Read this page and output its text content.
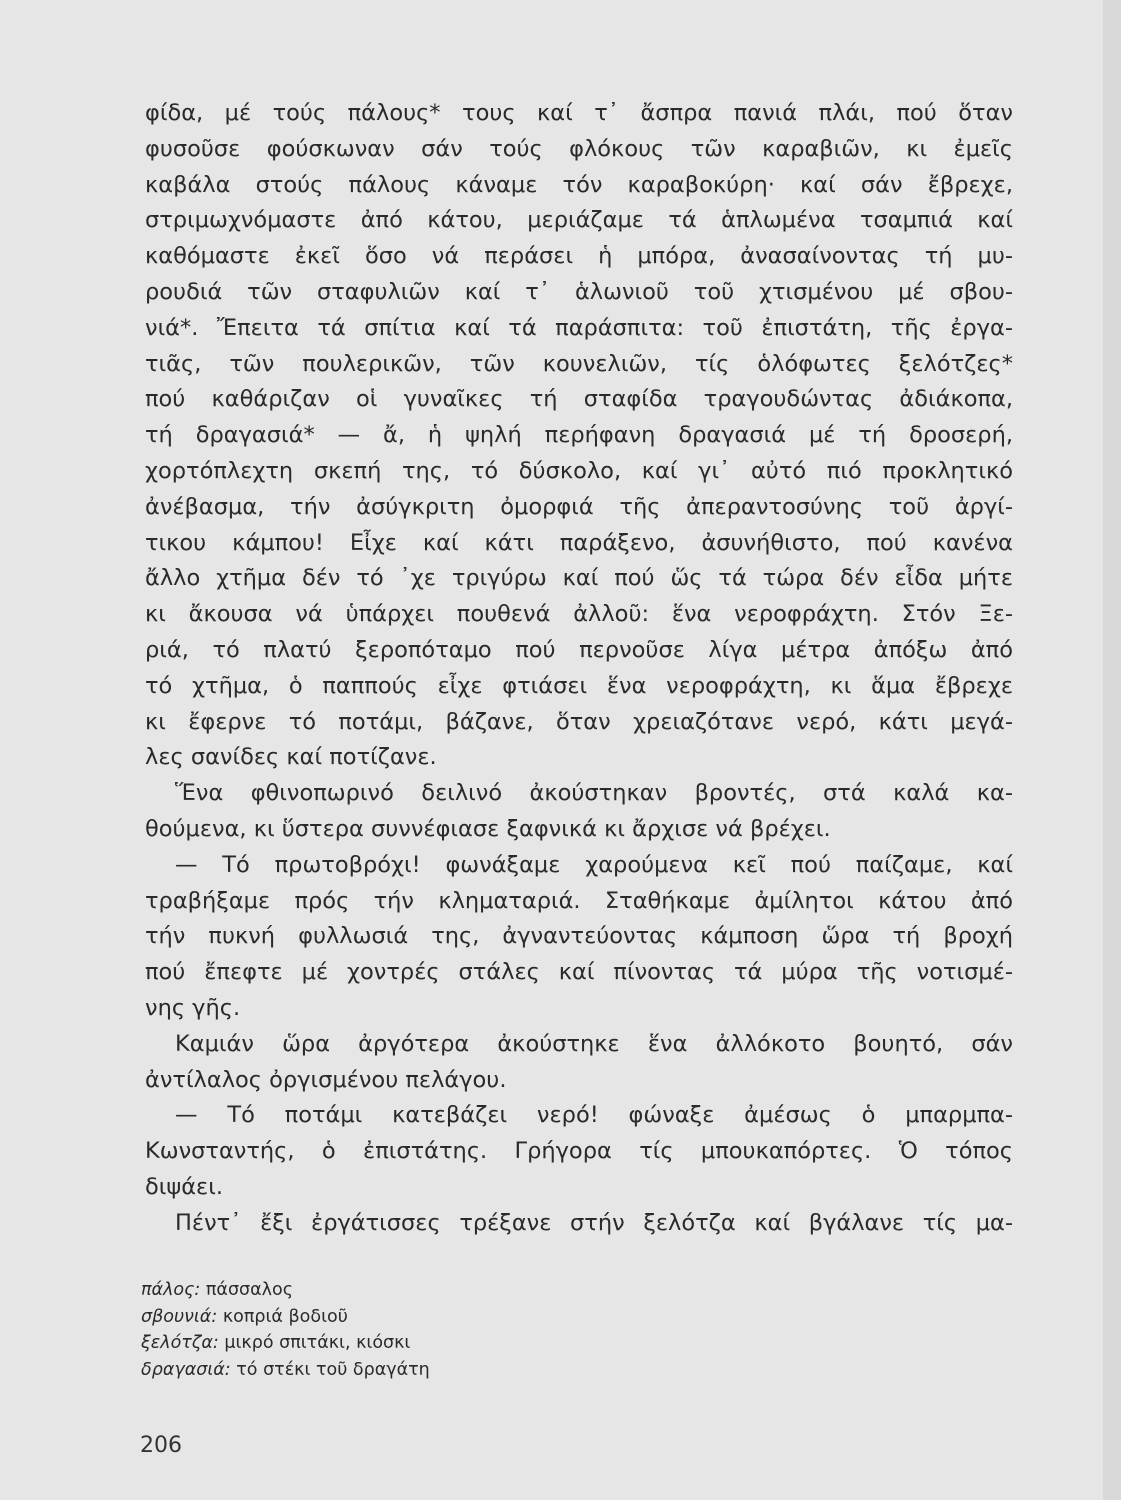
φίδα, μέ τούς πάλους* τους καί τ᾽ ἄσπρα πανιά πλάι, πού ὅταν
φυσοῦσε φούσκωναν σάν τούς φλόκους τῶν καραβιῶν, κι ἐμεῖς
καβάλα στούς πάλους κάναμε τόν καραβοκύρη· καί σάν ἔβρεχε,
στριμωχνόμαστε ἀπό κάτου, μεριάζαμε τά ἁπλωμένα τσαμπιά καί
καθόμαστε ἐκεῖ ὅσο νά περάσει ἡ μπόρα, ἀνασαίνοντας τή μυ-
ρουδιά τῶν σταφυλιῶν καί τ᾽ ἁλωνιοῦ τοῦ χτισμένου μέ σβου-
νιά*. Ἔπειτα τά σπίτια καί τά παράσπιτα: τοῦ ἐπιστάτη, τῆς ἐργα-
τιᾶς, τῶν πουλερικῶν, τῶν κουνελιῶν, τίς ὁλόφωτες ξελότζες*
πού καθάριζαν οἱ γυναῖκες τή σταφίδα τραγουδώντας ἀδιάκοπα,
τή δραγασιά* — ἄ, ἡ ψηλή περήφανη δραγασιά μέ τή δροσερή,
χορτόπλεχτη σκεπή της, τό δύσκολο, καί γι᾽ αὐτό πιό προκλητικό
ἀνέβασμα, τήν ἀσύγκριτη ὀμορφιά τῆς ἀπεραντοσύνης τοῦ ἀργί-
τικου κάμπου! Εἶχε καί κάτι παράξενο, ἀσυνήθιστο, πού κανένα
ἄλλο χτῆμα δέν τό ᾽χε τριγύρω καί πού ὥς τά τώρα δέν εἶδα μήτε
κι ἄκουσα νά ὑπάρχει πουθενά ἀλλοῦ: ἕνα νεροφράχτη. Στόν Ξε-
ριά, τό πλατύ ξεροπόταμο πού περνοῦσε λίγα μέτρα ἀπόξω ἀπό
τό χτῆμα, ὁ παππούς εἶχε φτιάσει ἕνα νεροφράχτη, κι ἅμα ἔβρεχε
κι ἔφερνε τό ποτάμι, βάζανε, ὅταν χρειαζότανε νερό, κάτι μεγά-
λες σανίδες καί ποτίζανε.
Ἕνα φθινοπωρινό δειλινό ἀκούστηκαν βροντές, στά καλά κα-
θούμενα, κι ὕστερα συννέφιασε ξαφνικά κι ἄρχισε νά βρέχει.
— Τό πρωτοβρόχι! φωνάξαμε χαρούμενα κεῖ πού παίζαμε, καί
τραβήξαμε πρός τήν κληματαριά. Σταθήκαμε ἀμίλητοι κάτου ἀπό
τήν πυκνή φυλλωσιά της, ἀγναντεύοντας κάμποση ὥρα τή βροχή
πού ἔπεφτε μέ χοντρές στάλες καί πίνοντας τά μύρα τῆς νοτισμέ-
νης γῆς.
Καμιάν ὥρα ἀργότερα ἀκούστηκε ἕνα ἀλλόκοτο βουητό, σάν
ἀντίλαλος ὀργισμένου πελάγου.
— Τό ποτάμι κατεβάζει νερό! φώναξε ἀμέσως ὁ μπαρμπα-
Κωνσταντής, ὁ ἐπιστάτης. Γρήγορα τίς μπουκαπόρτες. Ὁ τόπος
διψάει.
Πέντ᾽ ἔξι ἐργάτισσες τρέξανε στήν ξελότζα καί βγάλανε τίς μα-
πάλος: πάσσαλος
σβουνιά: κοπριά βοδιοῦ
ξελότζα: μικρό σπιτάκι, κιόσκι
δραγασιά: τό στέκι τοῦ δραγάτη
206
